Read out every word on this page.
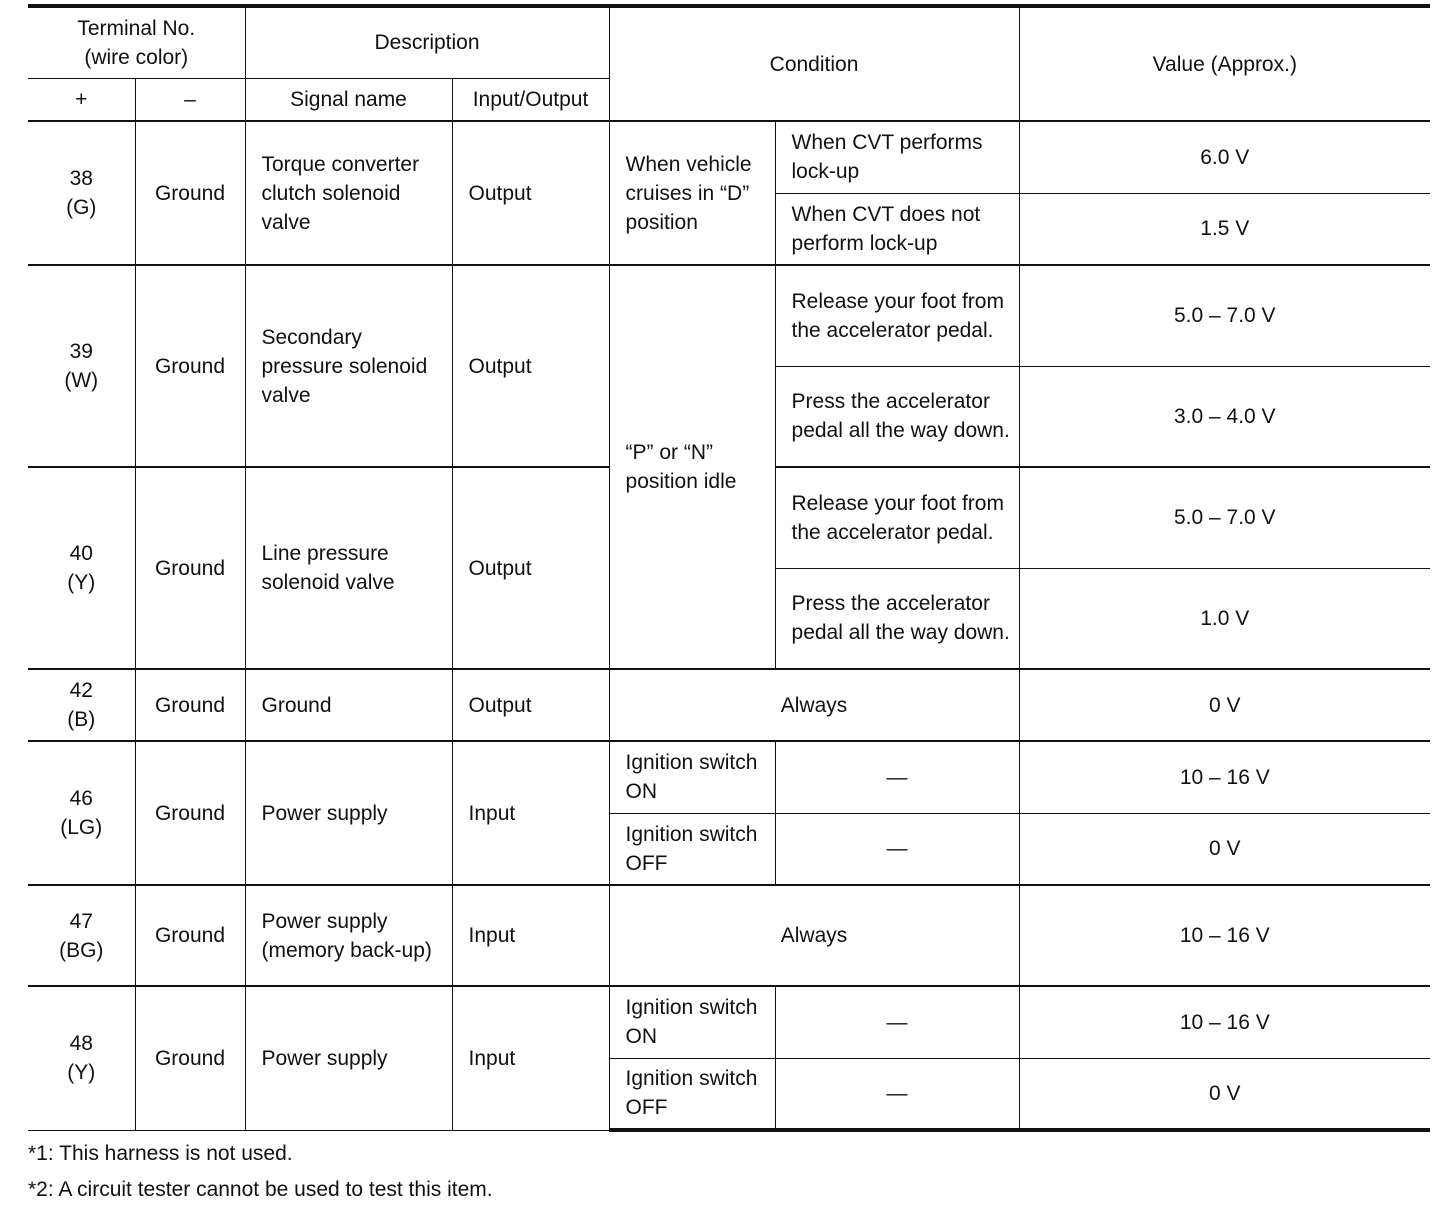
Terminal No.
(wire color)		Description		Condition		Value (Approx.)
+	–	Signal name	Input/Output			

38
(G)	Ground	Torque converter clutch solenoid valve	Output	When vehicle cruises in “D” position	When CVT performs lock-up	6.0 V
					When CVT does not perform lock-up	1.5 V

39
(W)	Ground	Secondary pressure solenoid valve	Output	“P” or “N” position idle	Release your foot from the accelerator pedal.	5.0 – 7.0 V
					Press the accelerator pedal all the way down.	3.0 – 4.0 V

40
(Y)	Ground	Line pressure solenoid valve	Output		Release your foot from the accelerator pedal.	5.0 – 7.0 V
					Press the accelerator pedal all the way down.	1.0 V

42
(B)	Ground	Ground	Output	Always		0 V

46
(LG)	Ground	Power supply	Input	Ignition switch ON	—	10 – 16 V
				Ignition switch OFF	—	0 V

47
(BG)	Ground	Power supply (memory back-up)	Input	Always		10 – 16 V

48
(Y)	Ground	Power supply	Input	Ignition switch ON	—	10 – 16 V
				Ignition switch OFF	—	0 V
*1: This harness is not used.
*2: A circuit tester cannot be used to test this item.
